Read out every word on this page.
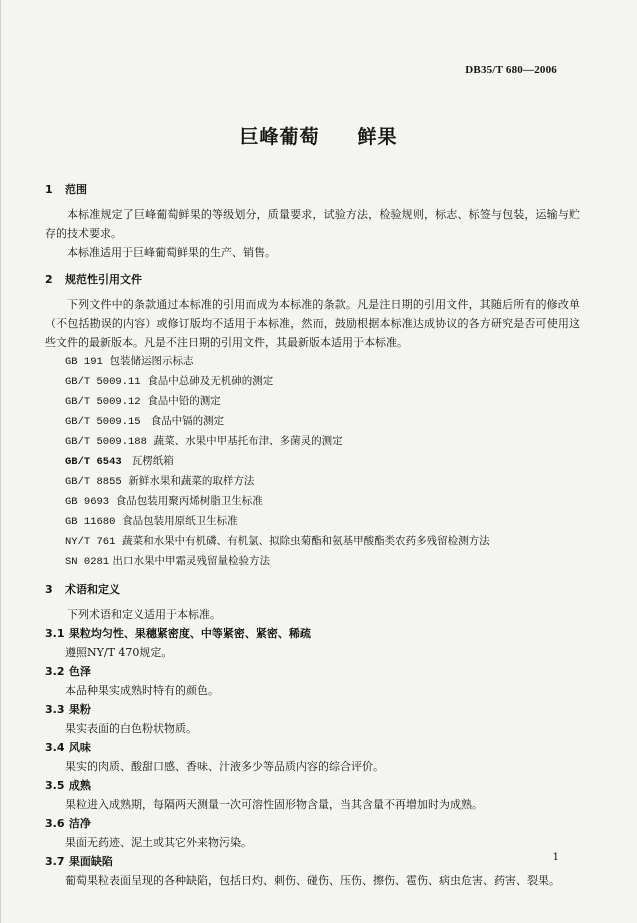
DB35/T 680—2006
巨峰葡萄 鲜果

1 范围

本标准规定了巨峰葡萄鲜果的等级划分，质量要求，试验方法，检验规则，标志、标签与包装，运输与贮存的技术要求。

本标准适用于巨峰葡萄鲜果的生产、销售。

2 规范性引用文件

下列文件中的条款通过本标准的引用而成为本标准的条款。凡是注日期的引用文件，其随后所有的修改单（不包括勘误的内容）或修订版均不适用于本标准，然而，鼓励根据本标准达成协议的各方研究是否可使用这些文件的最新版本。凡是不注日期的引用文件，其最新版本适用于本标准。

GB 191 包装储运图示标志

GB/T 5009.11 食品中总砷及无机砷的测定

GB/T 5009.12 食品中铅的测定

GB/T 5009.15 食品中镉的测定

GB/T 5009.188 蔬菜、水果中甲基托布津、多菌灵的测定

GB/T 6543 瓦楞纸箱

GB/T 8855 新鲜水果和蔬菜的取样方法

GB 9693 食品包装用聚丙烯树脂卫生标准

GB 11680 食品包装用原纸卫生标准

NY/T 761 蔬菜和水果中有机磷、有机氯、拟除虫菊酯和氨基甲酸酯类农药多残留检测方法

SN 0281 出口水果中甲霜灵残留量检验方法

3 术语和定义

下列术语和定义适用于本标准。

3.1 果粒均匀性、果穗紧密度、中等紧密、紧密、稀疏

遵照NY/T 470规定。

3.2 色泽

本品种果实成熟时特有的颜色。

3.3 果粉

果实表面的白色粉状物质。

3.4 风味

果实的肉质、酸甜口感、香味、汁液多少等品质内容的综合评价。

3.5 成熟

果粒进入成熟期，每隔两天测量一次可溶性固形物含量，当其含量不再增加时为成熟。

3.6 洁净

果面无药迹、泥土或其它外来物污染。

3.7 果面缺陷

葡萄果粒表面呈现的各种缺陷，包括日灼、刺伤、碰伤、压伤、擦伤、雹伤、病虫危害、药害、裂果。

1
